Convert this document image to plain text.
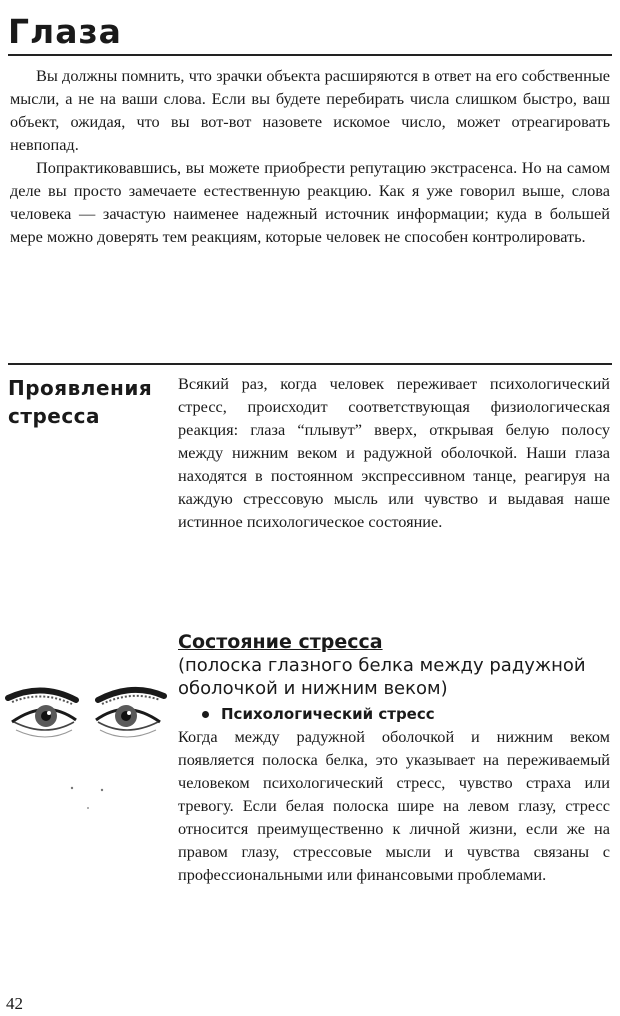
Глаза

Вы должны помнить, что зрачки объекта расширяются в ответ на его собственные мысли, а не на ваши слова. Если вы будете перебирать числа слишком быстро, ваш объект, ожидая, что вы вот-вот назовете искомое число, может отреагировать невпопад.

Попрактиковавшись, вы можете приобрести репутацию экстрасенса. Но на самом деле вы просто замечаете естественную реакцию. Как я уже говорил выше, слова человека — зачастую наименее надежный источник информации; куда в большей мере можно доверять тем реакциям, которые человек не способен контролировать.

Проявления стресса

Всякий раз, когда человек переживает психологический стресс, происходит соответствующая физиологическая реакция: глаза “плывут” вверх, открывая белую полосу между нижним веком и радужной оболочкой. Наши глаза находятся в постоянном экспрессивном танце, реагируя на каждую стрессовую мысль или чувство и выдавая наше истинное психологическое состояние.

Состояние стресса

(полоска глазного белка между радужной оболочкой и нижним веком)

Психологический стресс

Когда между радужной оболочкой и нижним веком появляется полоска белка, это указывает на переживаемый человеком психологический стресс, чувство страха или тревогу. Если белая полоска шире на левом глазу, стресс относится преимущественно к личной жизни, если же на правом глазу, стрессовые мысли и чувства связаны с профессиональными или финансовыми проблемами.

42
